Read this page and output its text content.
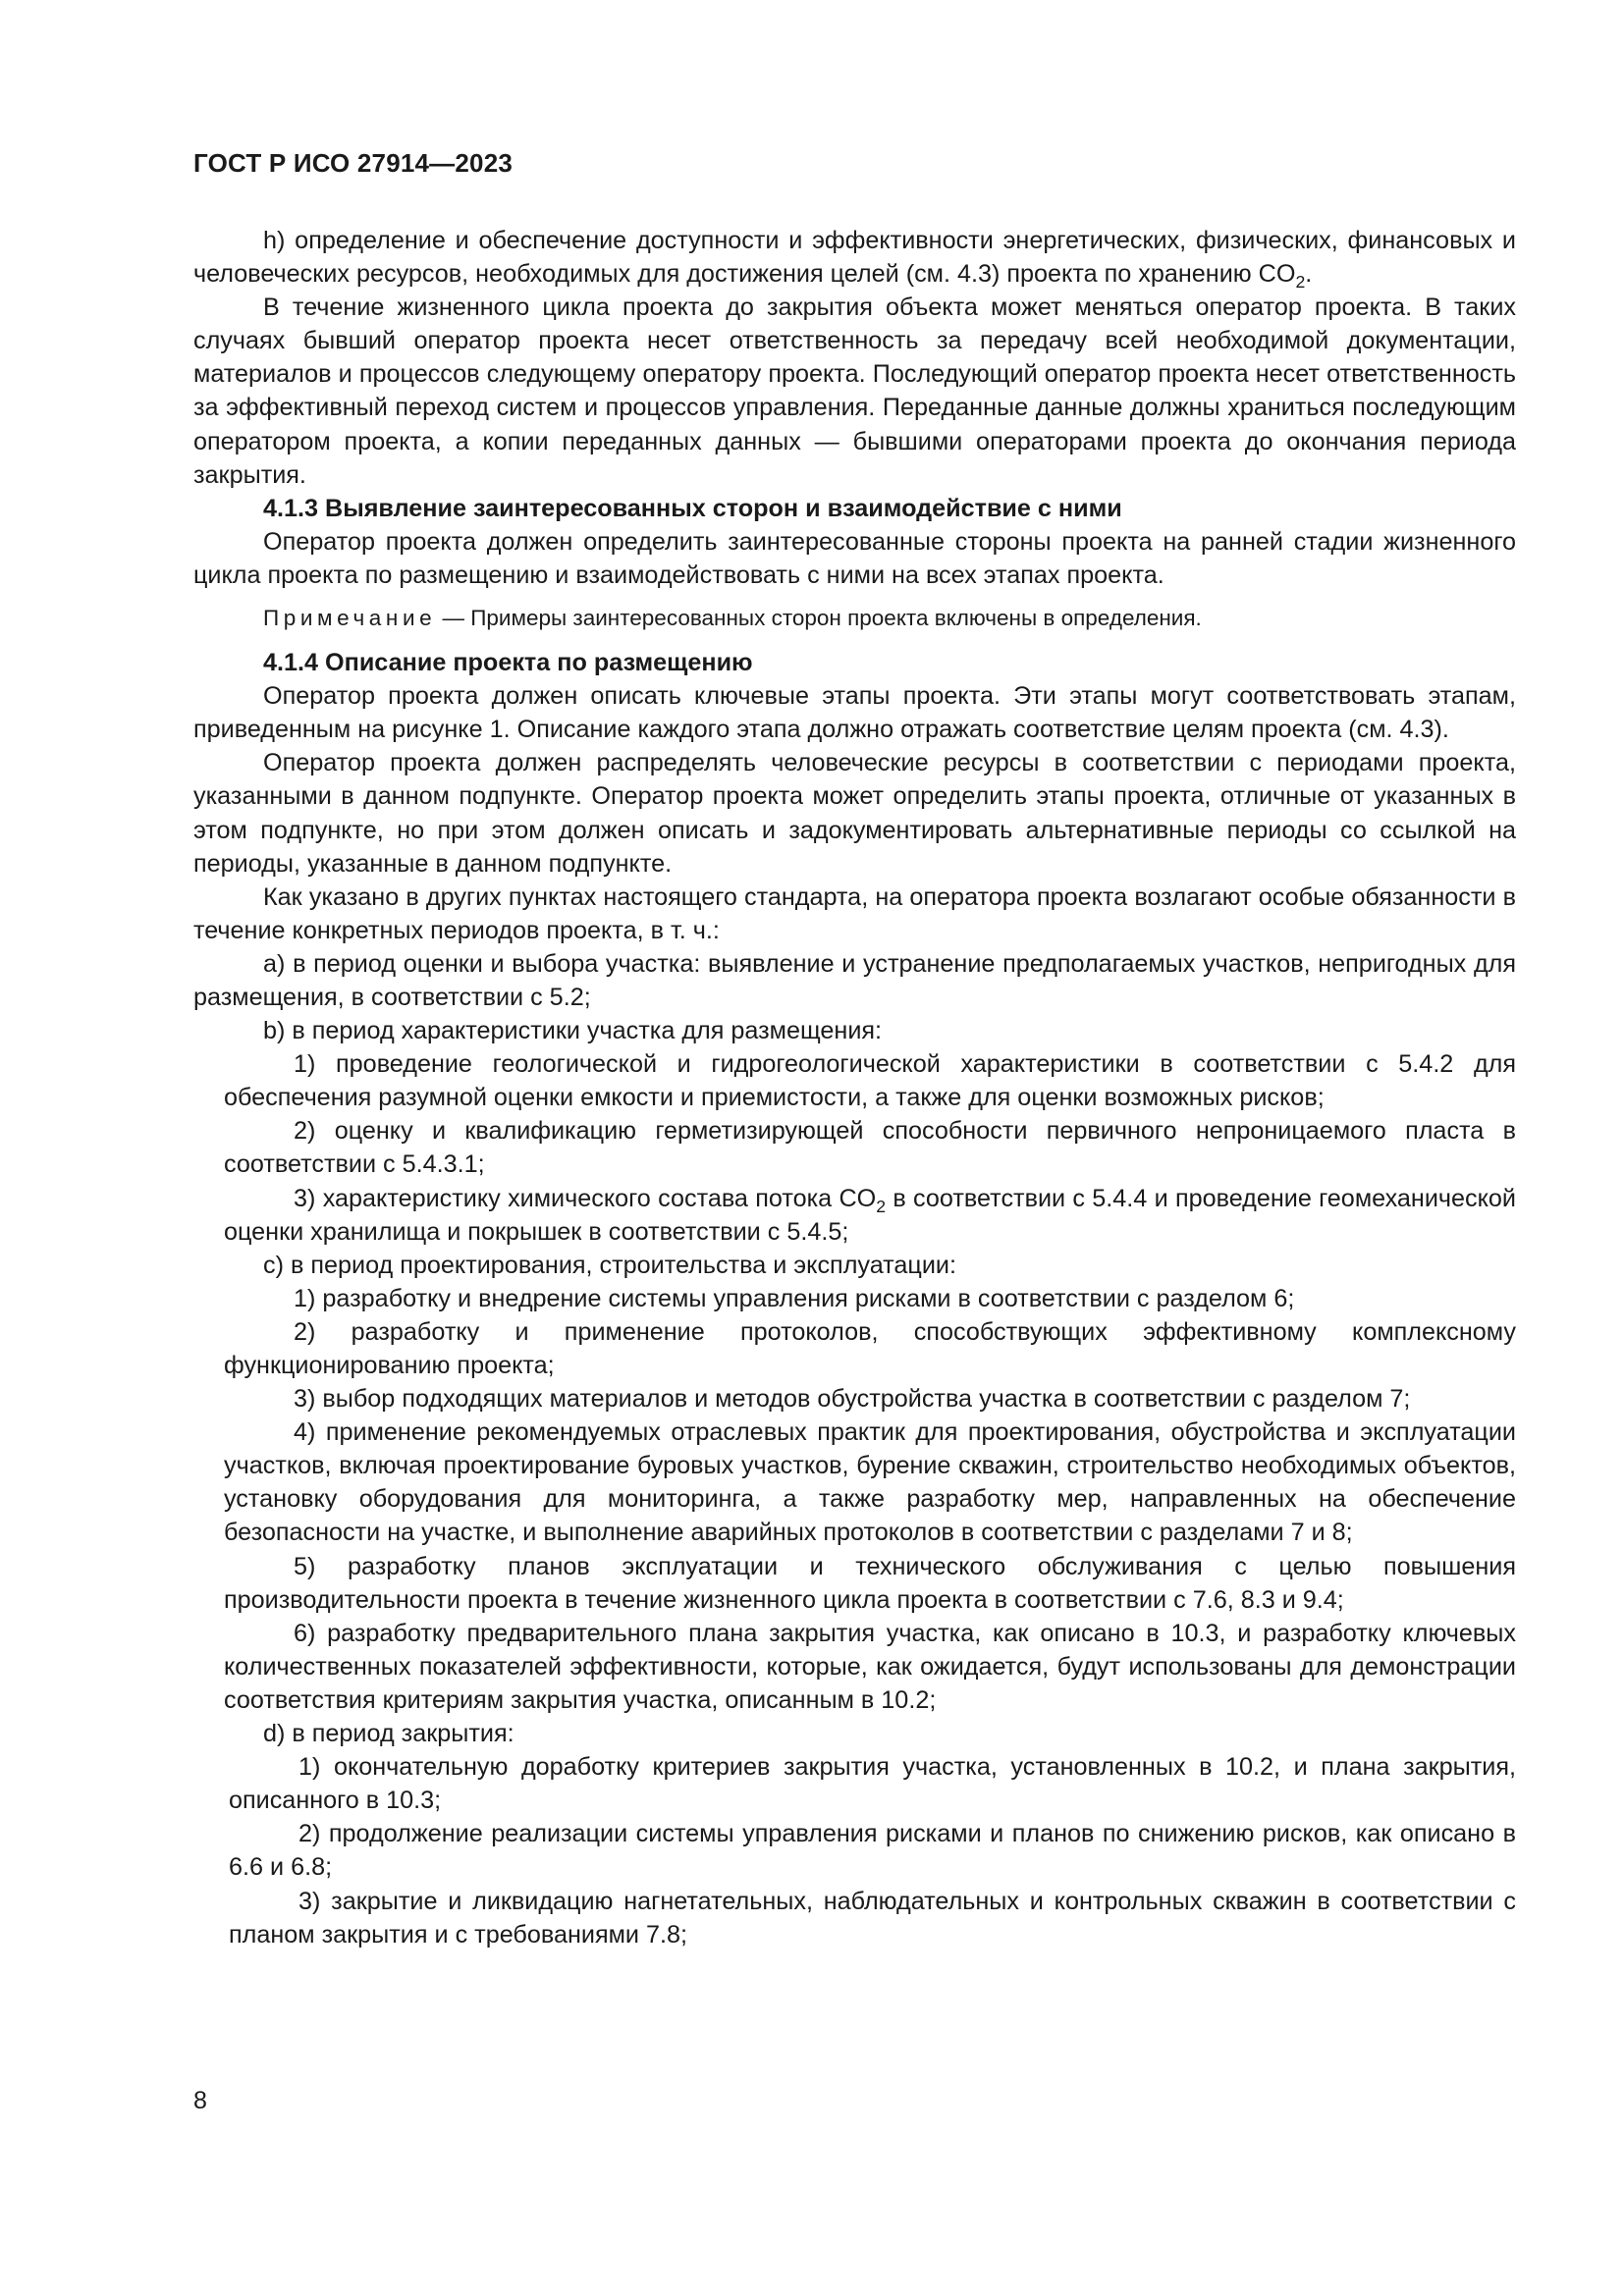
ГОСТ Р ИСО 27914—2023

h) определение и обеспечение доступности и эффективности энергетических, физических, финансовых и человеческих ресурсов, необходимых для достижения целей (см. 4.3) проекта по хранению $CO_2$.

В течение жизненного цикла проекта до закрытия объекта может меняться оператор проекта. В таких случаях бывший оператор проекта несет ответственность за передачу всей необходимой документации, материалов и процессов следующему оператору проекта. Последующий оператор проекта несет ответственность за эффективный переход систем и процессов управления. Переданные данные должны храниться последующим оператором проекта, а копии переданных данных — бывшими операторами проекта до окончания периода закрытия.

4.1.3 Выявление заинтересованных сторон и взаимодействие с ними

Оператор проекта должен определить заинтересованные стороны проекта на ранней стадии жизненного цикла проекта по размещению и взаимодействовать с ними на всех этапах проекта.

Примечание — Примеры заинтересованных сторон проекта включены в определения.

4.1.4 Описание проекта по размещению

Оператор проекта должен описать ключевые этапы проекта. Эти этапы могут соответствовать этапам, приведенным на рисунке 1. Описание каждого этапа должно отражать соответствие целям проекта (см. 4.3).

Оператор проекта должен распределять человеческие ресурсы в соответствии с периодами проекта, указанными в данном подпункте. Оператор проекта может определить этапы проекта, отличные от указанных в этом подпункте, но при этом должен описать и задокументировать альтернативные периоды со ссылкой на периоды, указанные в данном подпункте.

Как указано в других пунктах настоящего стандарта, на оператора проекта возлагают особые обязанности в течение конкретных периодов проекта, в т. ч.:

a) в период оценки и выбора участка: выявление и устранение предполагаемых участков, непригодных для размещения, в соответствии с 5.2;

b) в период характеристики участка для размещения:

1) проведение геологической и гидрогеологической характеристики в соответствии с 5.4.2 для обеспечения разумной оценки емкости и приемистости, а также для оценки возможных рисков;

2) оценку и квалификацию герметизирующей способности первичного непроницаемого пласта в соответствии с 5.4.3.1;

3) характеристику химического состава потока $CO_2$ в соответствии с 5.4.4 и проведение геомеханической оценки хранилища и покрышек в соответствии с 5.4.5;

c) в период проектирования, строительства и эксплуатации:

1) разработку и внедрение системы управления рисками в соответствии с разделом 6;

2) разработку и применение протоколов, способствующих эффективному комплексному функционированию проекта;

3) выбор подходящих материалов и методов обустройства участка в соответствии с разделом 7;

4) применение рекомендуемых отраслевых практик для проектирования, обустройства и эксплуатации участков, включая проектирование буровых участков, бурение скважин, строительство необходимых объектов, установку оборудования для мониторинга, а также разработку мер, направленных на обеспечение безопасности на участке, и выполнение аварийных протоколов в соответствии с разделами 7 и 8;

5) разработку планов эксплуатации и технического обслуживания с целью повышения производительности проекта в течение жизненного цикла проекта в соответствии с 7.6, 8.3 и 9.4;

6) разработку предварительного плана закрытия участка, как описано в 10.3, и разработку ключевых количественных показателей эффективности, которые, как ожидается, будут использованы для демонстрации соответствия критериям закрытия участка, описанным в 10.2;

d) в период закрытия:

1) окончательную доработку критериев закрытия участка, установленных в 10.2, и плана закрытия, описанного в 10.3;

2) продолжение реализации системы управления рисками и планов по снижению рисков, как описано в 6.6 и 6.8;

3) закрытие и ликвидацию нагнетательных, наблюдательных и контрольных скважин в соответствии с планом закрытия и с требованиями 7.8;

8
